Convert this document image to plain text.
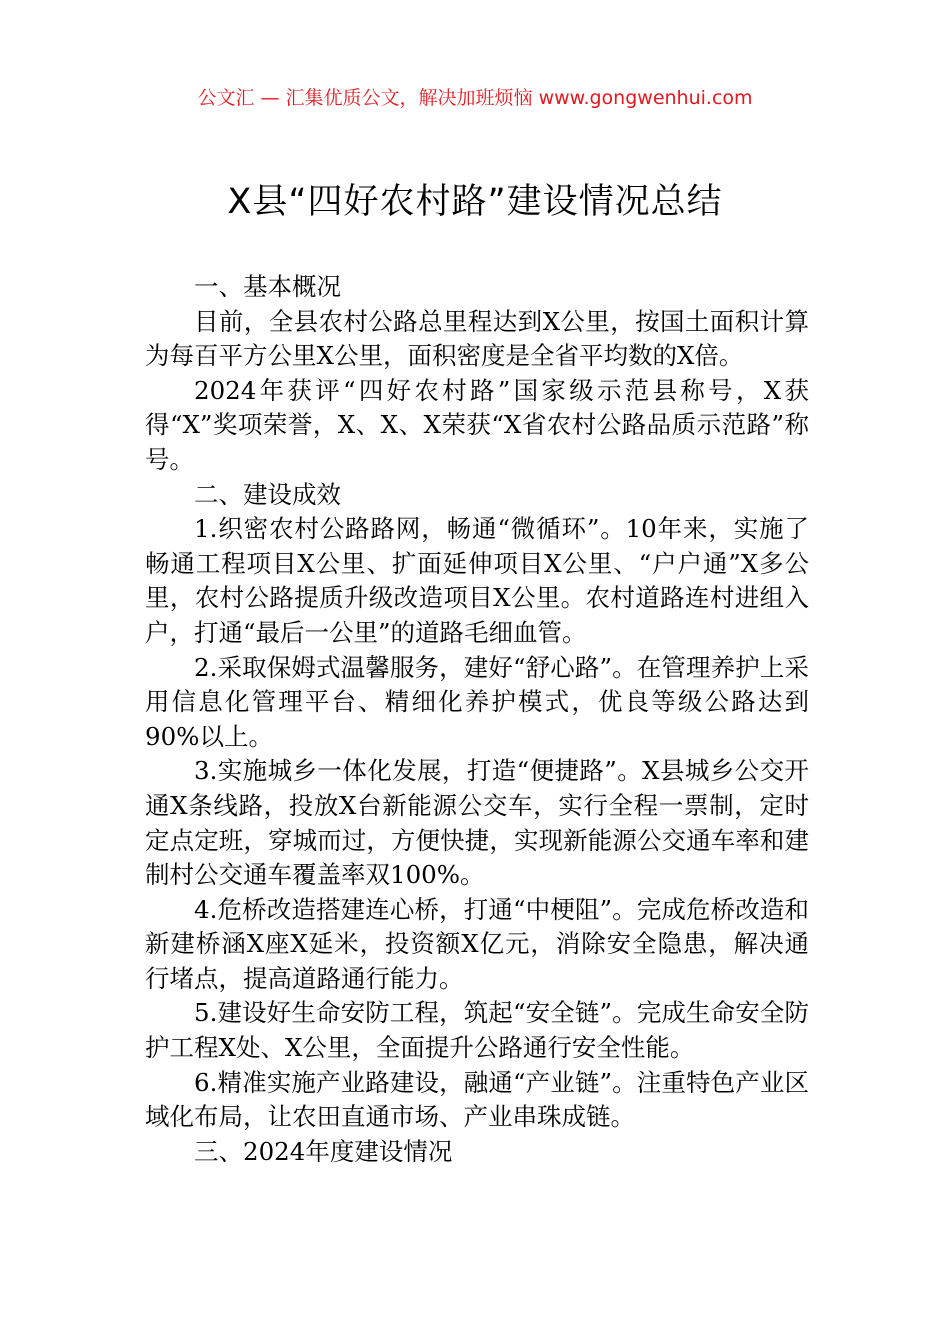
公文汇 — 汇集优质公文，解决加班烦恼 www.gongwenhui.com
X县“四好农村路”建设情况总结

一、基本概况

目前，全县农村公路总里程达到X公里，按国土面积计算为每百平方公里X公里，面积密度是全省平均数的X倍。

2024年获评“四好农村路”国家级示范县称号，X获得“X”奖项荣誉，X、X、X荣获“X省农村公路品质示范路”称号。

二、建设成效

1.织密农村公路路网，畅通“微循环”。10年来，实施了畅通工程项目X公里、扩面延伸项目X公里、“户户通”X多公里，农村公路提质升级改造项目X公里。农村道路连村进组入户，打通“最后一公里”的道路毛细血管。

2.采取保姆式温馨服务，建好“舒心路”。在管理养护上采用信息化管理平台、精细化养护模式，优良等级公路达到90%以上。

3.实施城乡一体化发展，打造“便捷路”。X县城乡公交开通X条线路，投放X台新能源公交车，实行全程一票制，定时定点定班，穿城而过，方便快捷，实现新能源公交通车率和建制村公交通车覆盖率双100%。

4.危桥改造搭建连心桥，打通“中梗阻”。完成危桥改造和新建桥涵X座X延米，投资额X亿元，消除安全隐患，解决通行堵点，提高道路通行能力。

5.建设好生命安防工程，筑起“安全链”。完成生命安全防护工程X处、X公里，全面提升公路通行安全性能。

6.精准实施产业路建设，融通“产业链”。注重特色产业区域化布局，让农田直通市场、产业串珠成链。

三、2024年度建设情况
